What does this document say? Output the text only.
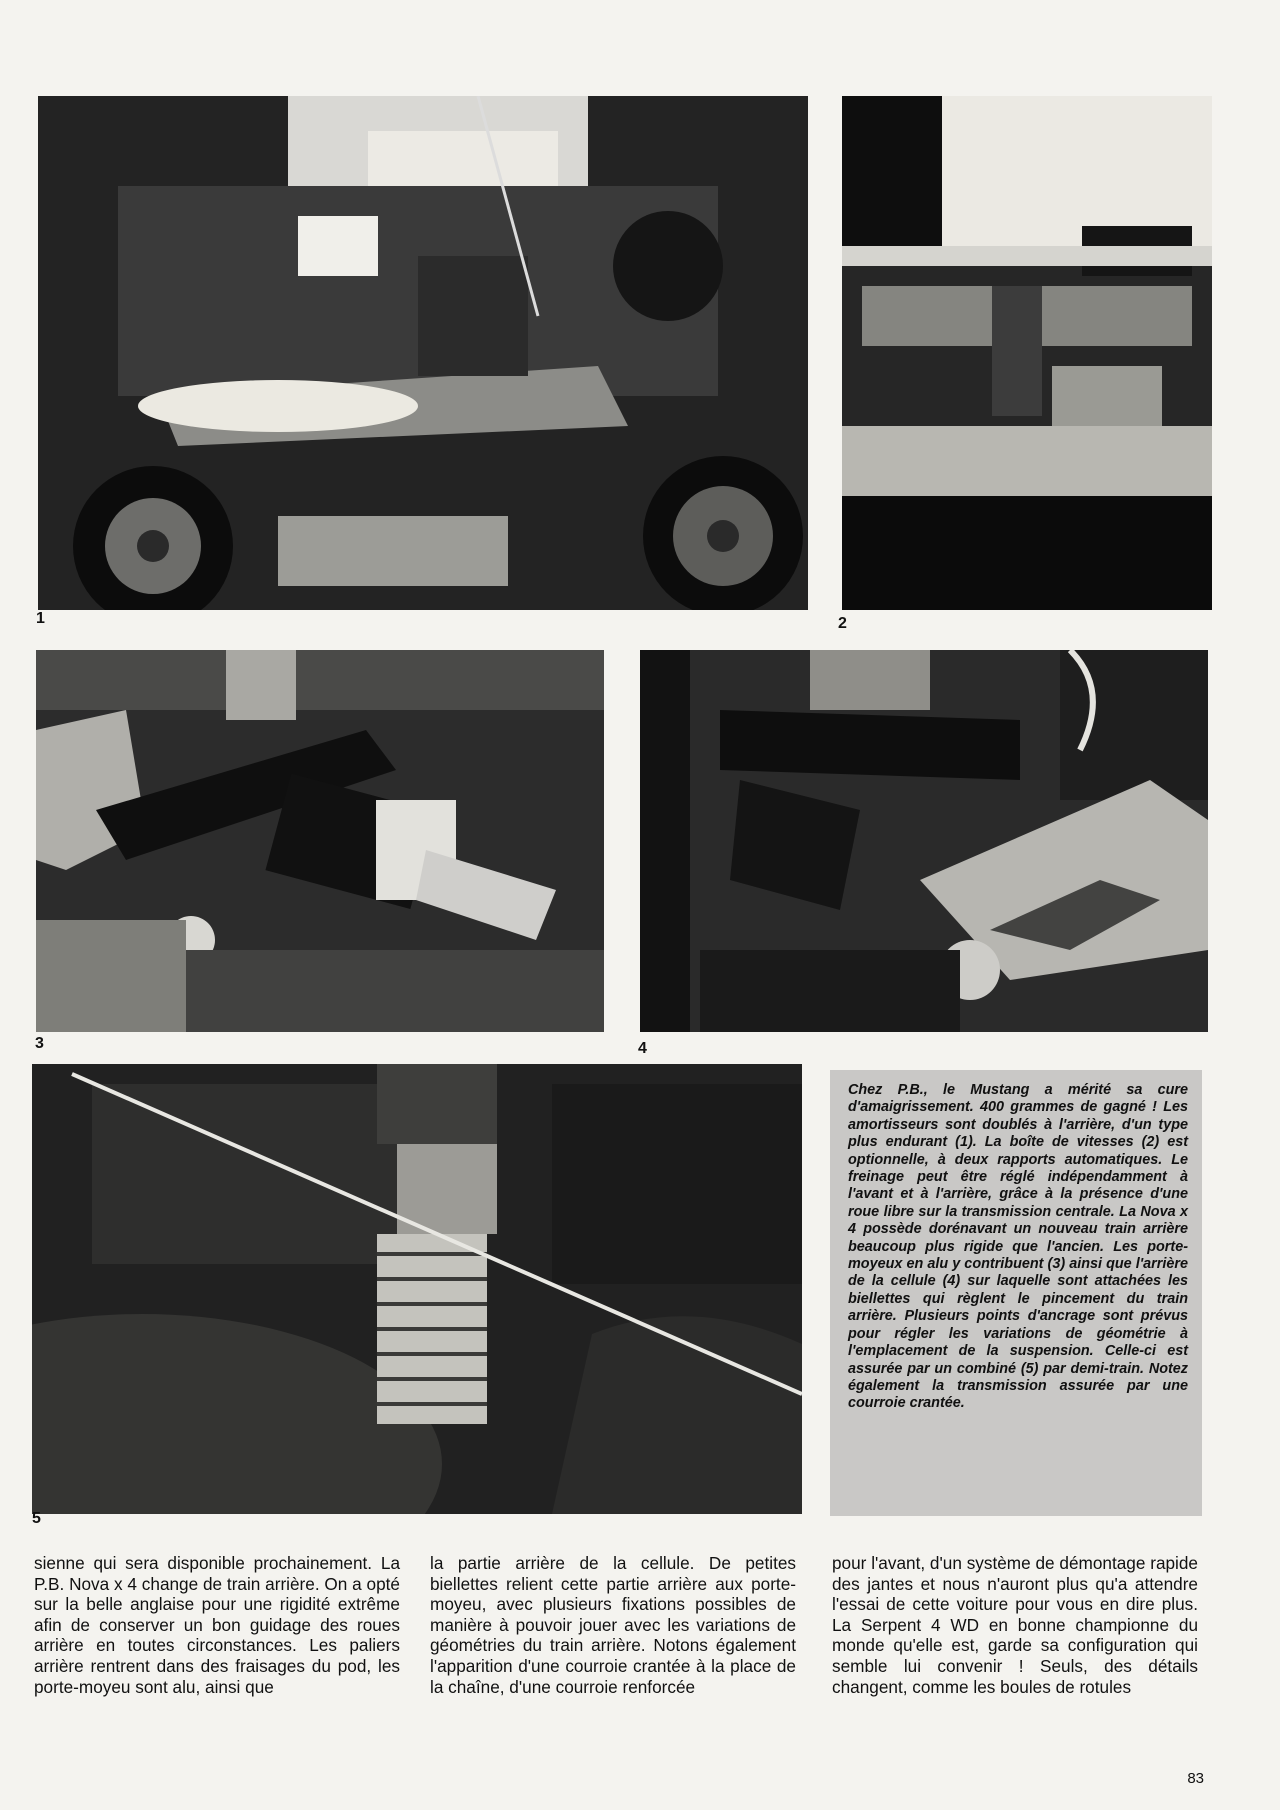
1	2
3	4
5

Chez P.B., le Mustang a mérité sa cure d'amaigrissement. 400 grammes de gagné ! Les amortisseurs sont doublés à l'arrière, d'un type plus endurant (1). La boîte de vitesses (2) est optionnelle, à deux rapports automatiques. Le freinage peut être réglé indépendamment à l'avant et à l'arrière, grâce à la présence d'une roue libre sur la transmission centrale. La Nova x 4 possède dorénavant un nouveau train arrière beaucoup plus rigide que l'ancien. Les porte-moyeux en alu y contribuent (3) ainsi que l'arrière de la cellule (4) sur laquelle sont attachées les biellettes qui règlent le pincement du train arrière. Plusieurs points d'ancrage sont prévus pour régler les variations de géométrie à l'emplacement de la suspension. Celle-ci est assurée par un combiné (5) par demi-train. Notez également la transmission assurée par une courroie crantée.

sienne qui sera disponible prochainement. La P.B. Nova x 4 change de train arrière. On a opté sur la belle anglaise pour une rigidité extrême afin de conserver un bon guidage des roues arrière en toutes circonstances. Les paliers arrière rentrent dans des fraisages du pod, les porte-moyeu sont alu, ainsi que

la partie arrière de la cellule. De petites biellettes relient cette partie arrière aux porte-moyeu, avec plusieurs fixations possibles de manière à pouvoir jouer avec les variations de géométries du train arrière. Notons également l'apparition d'une courroie crantée à la place de la chaîne, d'une courroie renforcée

pour l'avant, d'un système de démontage rapide des jantes et nous n'auront plus qu'a attendre l'essai de cette voiture pour vous en dire plus. La Serpent 4 WD en bonne championne du monde qu'elle est, garde sa configuration qui semble lui convenir ! Seuls, des détails changent, comme les boules de rotules

83
